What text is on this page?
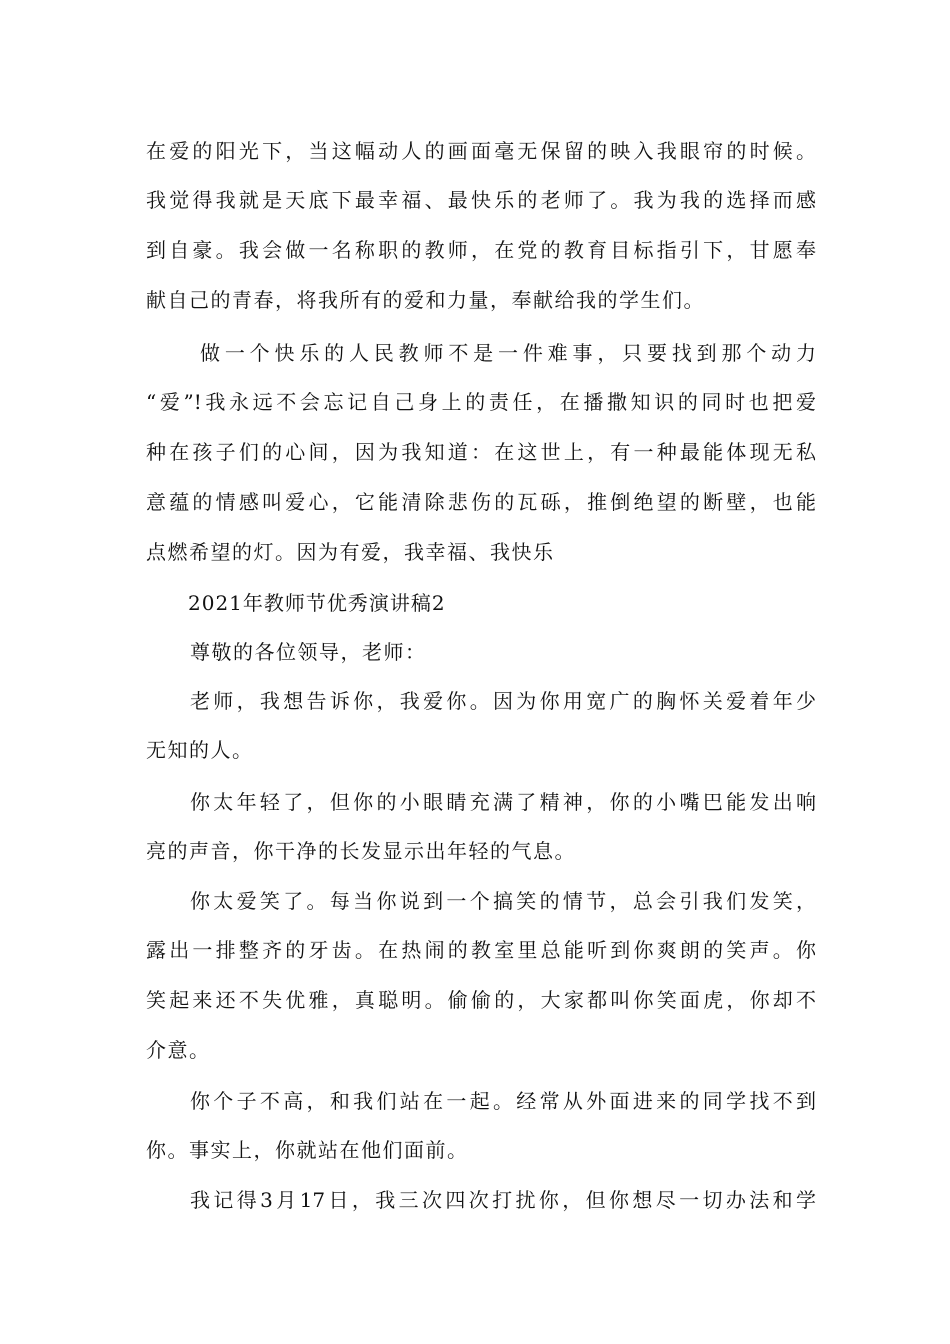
在爱的阳光下，当这幅动人的画面毫无保留的映入我眼帘的时候。
我觉得我就是天底下最幸福、最快乐的老师了。我为我的选择而感
到自豪。我会做一名称职的教师，在党的教育目标指引下，甘愿奉
献自己的青春，将我所有的爱和力量，奉献给我的学生们。
做一个快乐的人民教师不是一件难事，只要找到那个动力
“爱”!我永远不会忘记自己身上的责任，在播撒知识的同时也把爱
种在孩子们的心间，因为我知道：在这世上，有一种最能体现无私
意蕴的情感叫爱心，它能清除悲伤的瓦砾，推倒绝望的断壁，也能
点燃希望的灯。因为有爱，我幸福、我快乐
2021年教师节优秀演讲稿2
尊敬的各位领导，老师：
老师，我想告诉你，我爱你。因为你用宽广的胸怀关爱着年少
无知的人。
你太年轻了，但你的小眼睛充满了精神，你的小嘴巴能发出响
亮的声音，你干净的长发显示出年轻的气息。
你太爱笑了。每当你说到一个搞笑的情节，总会引我们发笑，
露出一排整齐的牙齿。在热闹的教室里总能听到你爽朗的笑声。你
笑起来还不失优雅，真聪明。偷偷的，大家都叫你笑面虎，你却不
介意。
你个子不高，和我们站在一起。经常从外面进来的同学找不到
你。事实上，你就站在他们面前。
我记得3月17日，我三次四次打扰你，但你想尽一切办法和学
